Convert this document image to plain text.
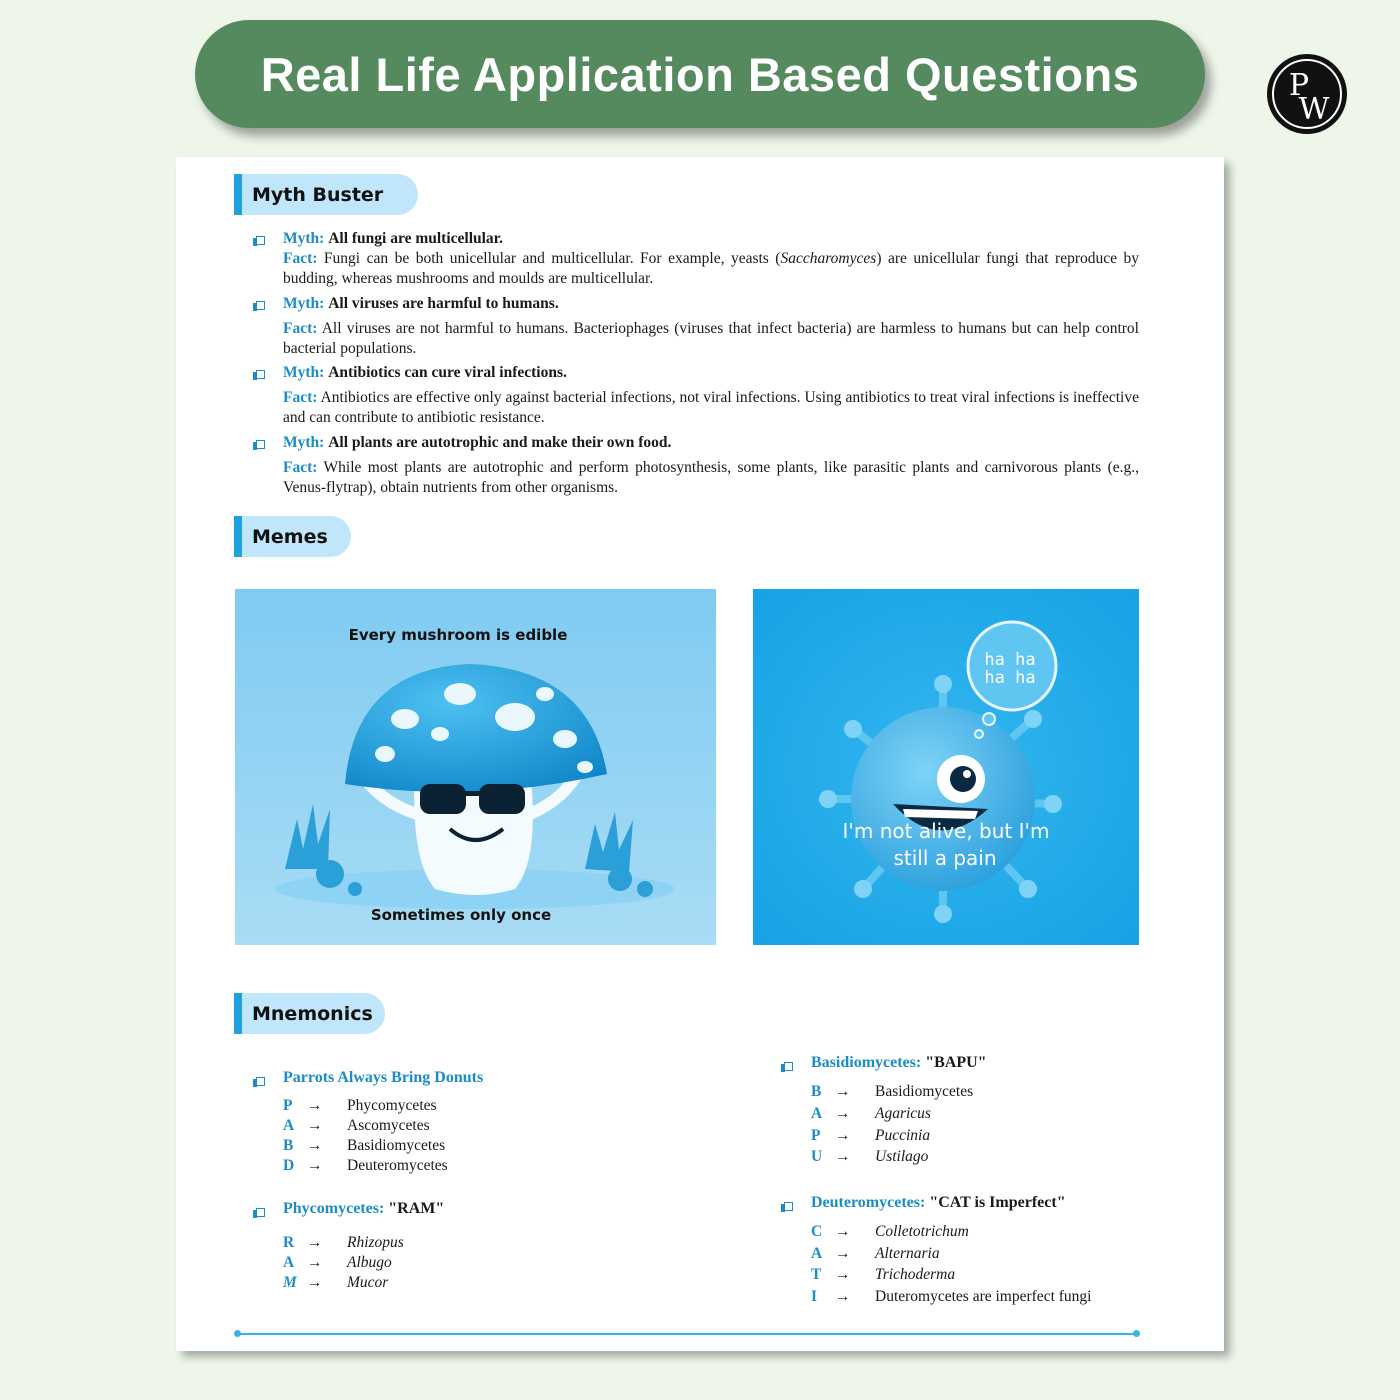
Real Life Application Based Questions	P
W
Myth Buster
Myth: All fungi are multicellular.
Fact: Fungi can be both unicellular and multicellular. For example, yeasts (Saccharomyces) are unicellular fungi that reproduce by budding, whereas mushrooms and moulds are multicellular.
Myth: All viruses are harmful to humans.
Fact: All viruses are not harmful to humans. Bacteriophages (viruses that infect bacteria) are harmless to humans but can help control bacterial populations.
Myth: Antibiotics can cure viral infections.
Fact: Antibiotics are effective only against bacterial infections, not viral infections. Using antibiotics to treat viral infections is ineffective and can contribute to antibiotic resistance.
Myth: All plants are autotrophic and make their own food.
Fact: While most plants are autotrophic and perform photosynthesis, some plants, like parasitic plants and carnivorous plants (e.g., Venus-flytrap), obtain nutrients from other organisms.
Memes
Every mushroom is edible
Sometimes only once
ha ha
ha ha
I'm not alive, but I'm
still a pain
Mnemonics
Parrots Always Bring Donuts
P → Phycomycetes
A → Ascomycetes
B → Basidiomycetes
D → Deuteromycetes
Phycomycetes: "RAM"
R → Rhizopus
A → Albugo
M → Mucor
Basidiomycetes: "BAPU"
B → Basidiomycetes
A → Agaricus
P → Puccinia
U → Ustilago
Deuteromycetes: "CAT is Imperfect"
C → Colletotrichum
A → Alternaria
T → Trichoderma
I → Duteromycetes are imperfect fungi
